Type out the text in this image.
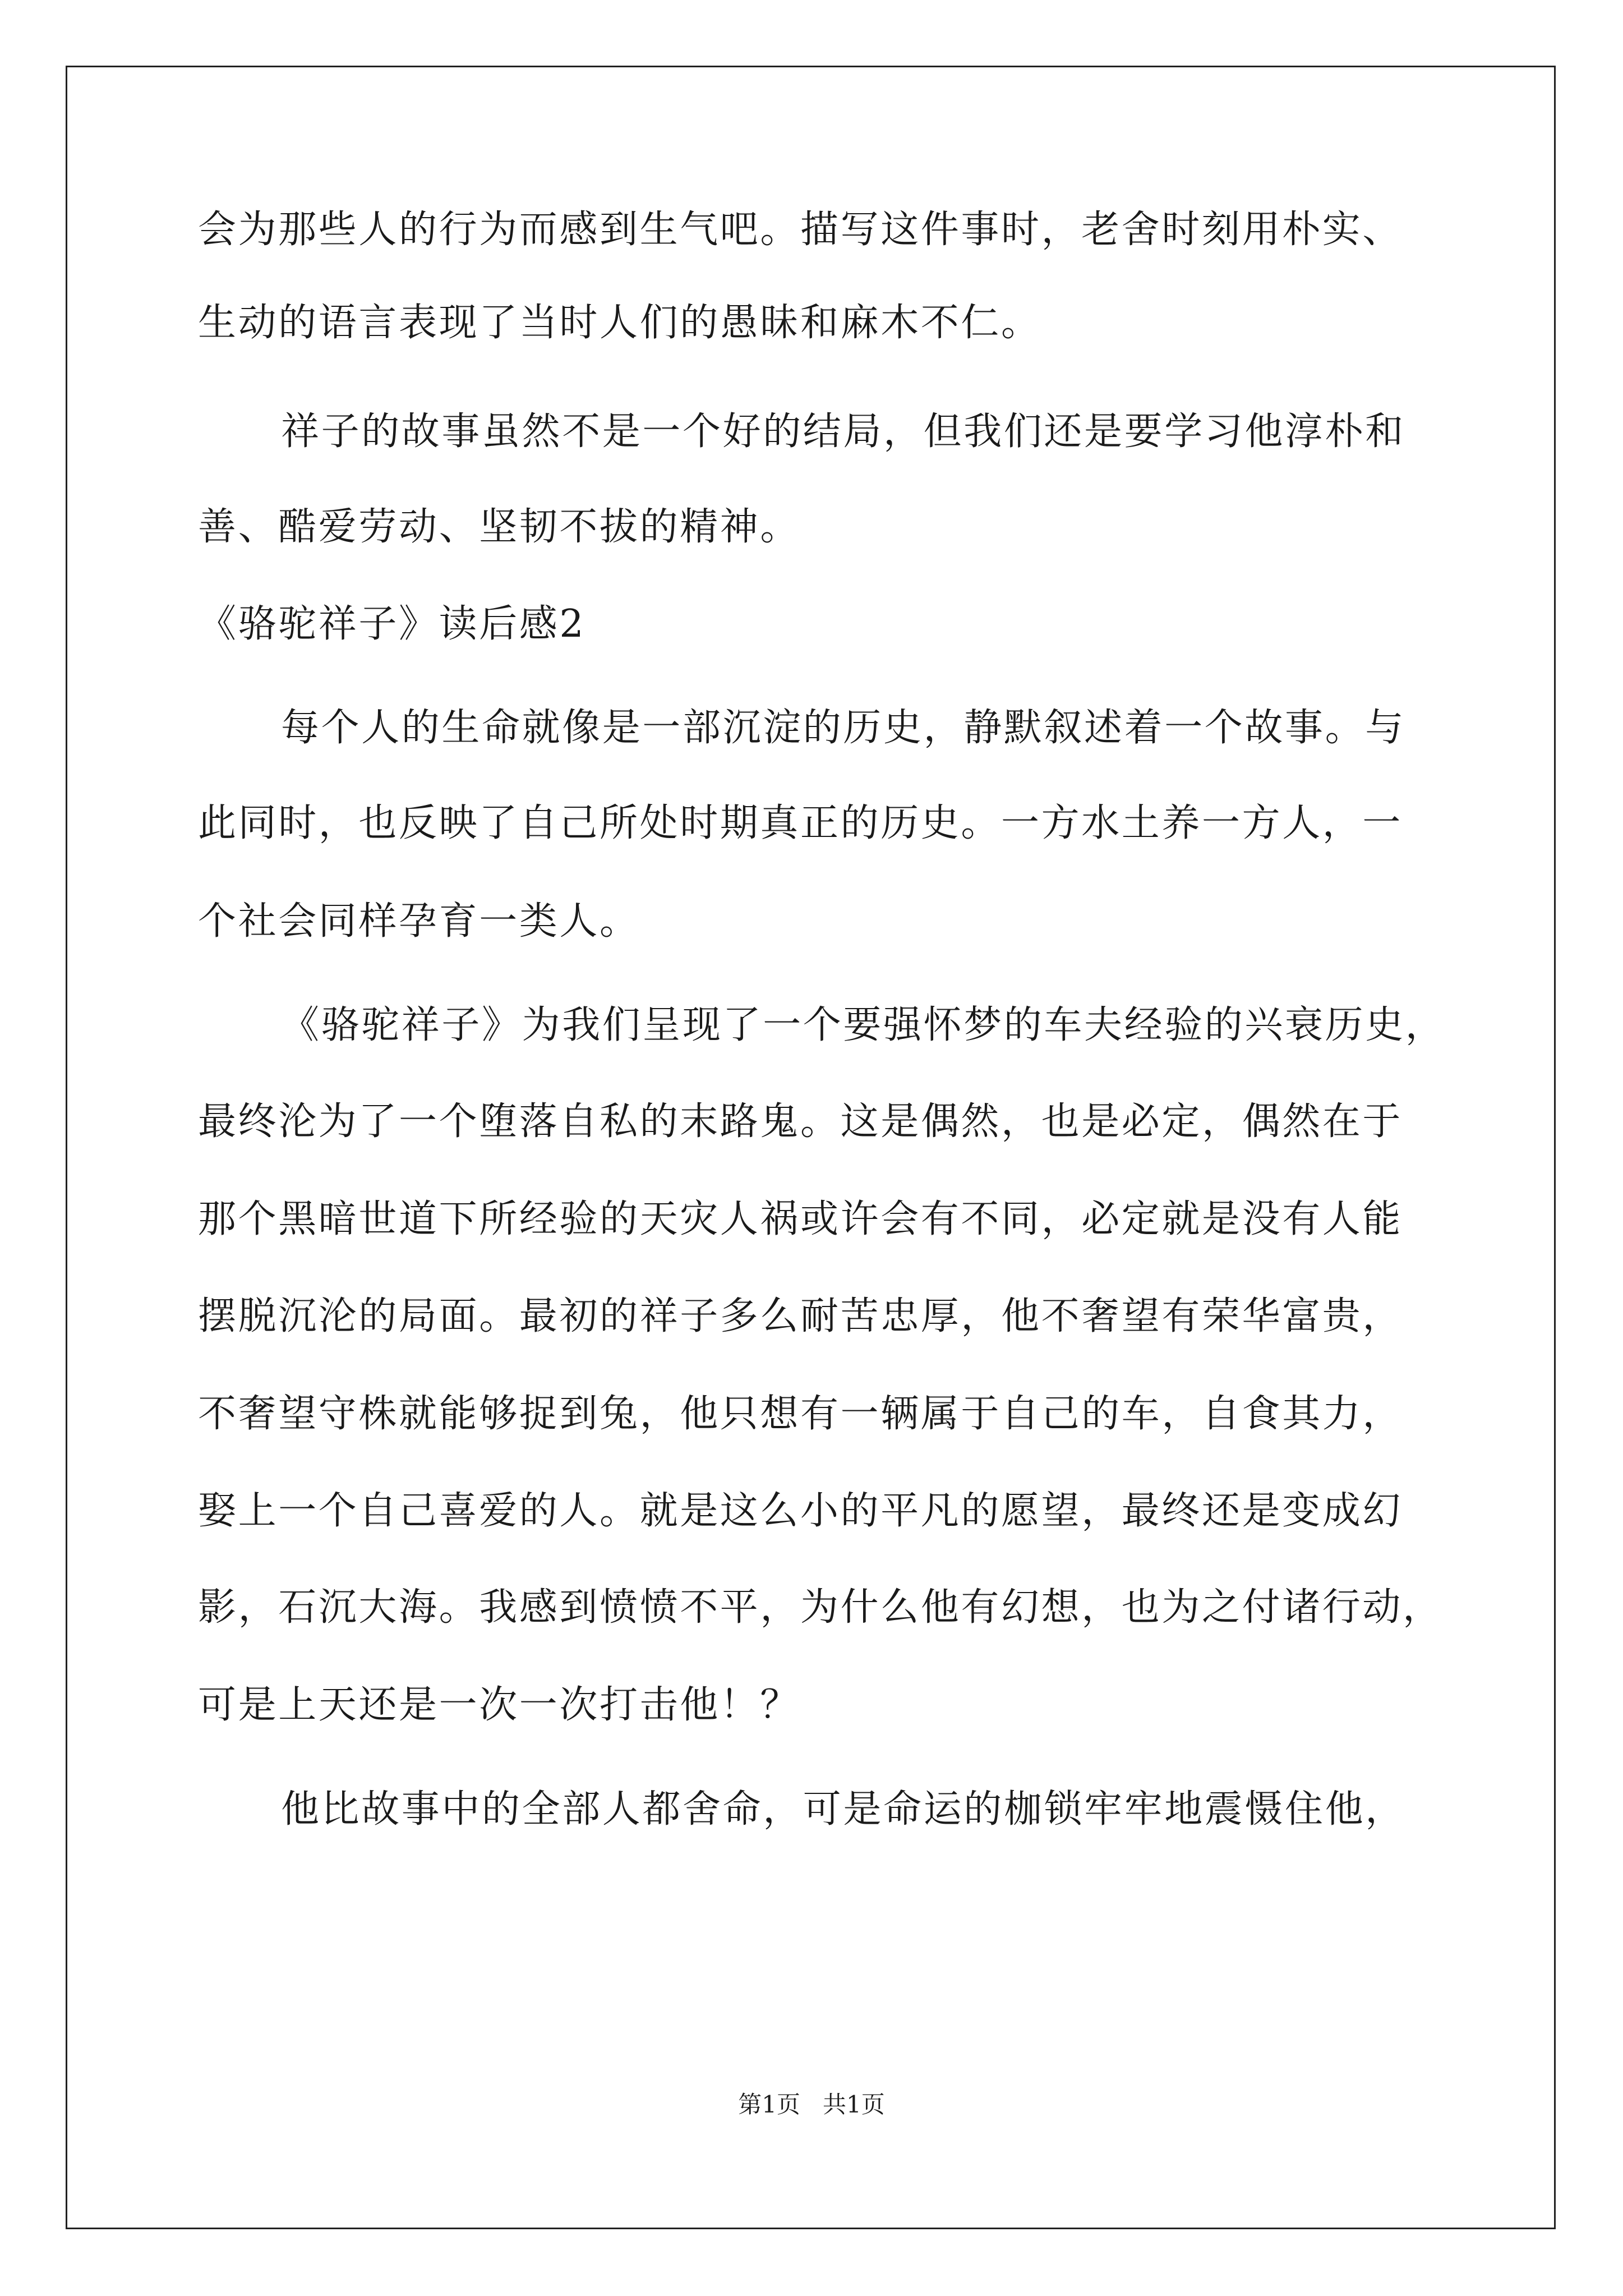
会为那些人的行为而感到生气吧。描写这件事时，老舍时刻用朴实、
生动的语言表现了当时人们的愚昧和麻木不仁。
祥子的故事虽然不是一个好的结局，但我们还是要学习他淳朴和
善、酷爱劳动、坚韧不拔的精神。
《骆驼祥子》读后感2
每个人的生命就像是一部沉淀的历史，静默叙述着一个故事。与
此同时，也反映了自己所处时期真正的历史。一方水土养一方人，一
个社会同样孕育一类人。
《骆驼祥子》为我们呈现了一个要强怀梦的车夫经验的兴衰历史，
最终沦为了一个堕落自私的末路鬼。这是偶然，也是必定，偶然在于
那个黑暗世道下所经验的天灾人祸或许会有不同，必定就是没有人能
摆脱沉沦的局面。最初的祥子多么耐苦忠厚，他不奢望有荣华富贵，
不奢望守株就能够捉到兔，他只想有一辆属于自己的车，自食其力，
娶上一个自己喜爱的人。就是这么小的平凡的愿望，最终还是变成幻
影，石沉大海。我感到愤愤不平，为什么他有幻想，也为之付诸行动，
可是上天还是一次一次打击他！？
他比故事中的全部人都舍命，可是命运的枷锁牢牢地震慑住他，
第1页   共1页
